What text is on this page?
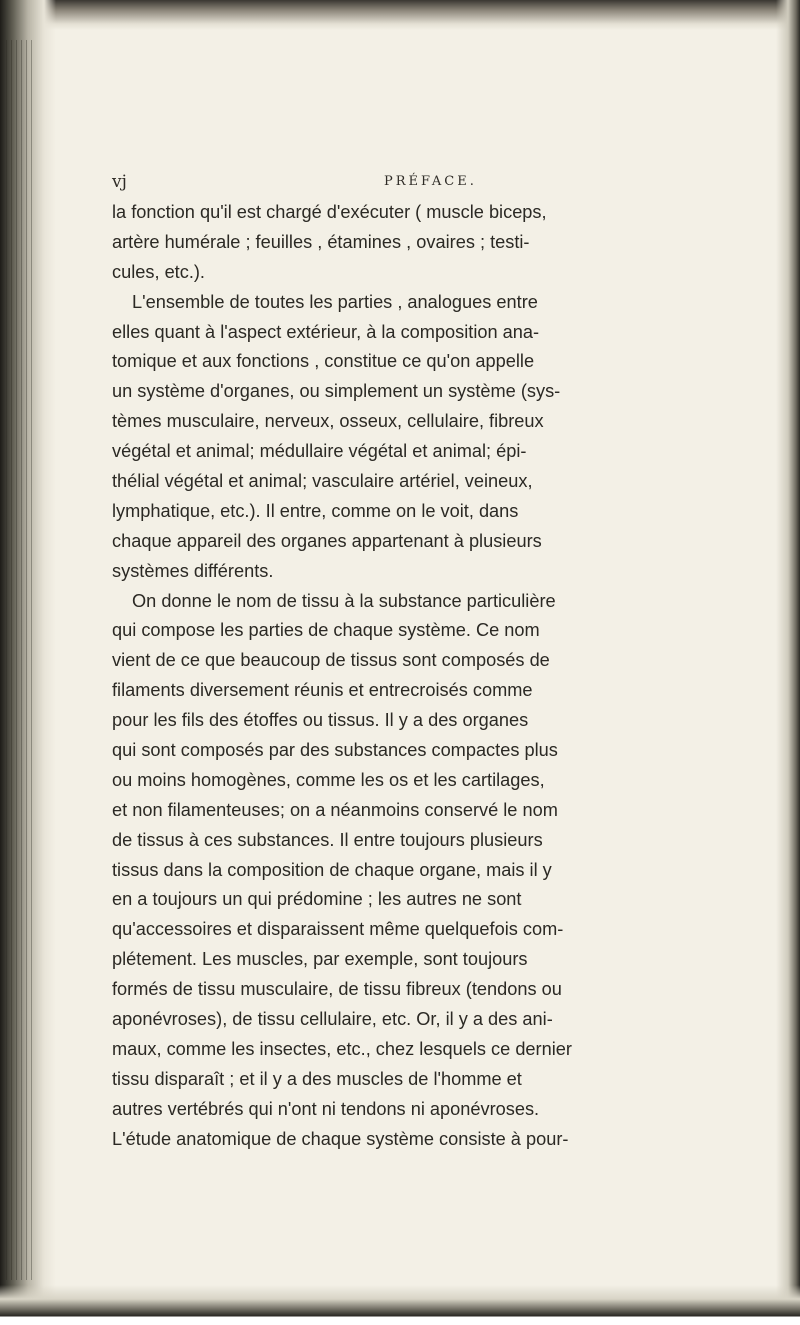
vj	PRÉFACE.
la fonction qu'il est chargé d'exécuter ( muscle biceps,
artère humérale ; feuilles , étamines , ovaires ; testi-
cules, etc.).
L'ensemble de toutes les parties , analogues entre
elles quant à l'aspect extérieur, à la composition ana-
tomique et aux fonctions , constitue ce qu'on appelle
un système d'organes, ou simplement un système (sys-
tèmes musculaire, nerveux, osseux, cellulaire, fibreux
végétal et animal; médullaire végétal et animal; épi-
thélial végétal et animal; vasculaire artériel, veineux,
lymphatique, etc.). Il entre, comme on le voit, dans
chaque appareil des organes appartenant à plusieurs
systèmes différents.
On donne le nom de tissu à la substance particulière
qui compose les parties de chaque système. Ce nom
vient de ce que beaucoup de tissus sont composés de
filaments diversement réunis et entrecroisés comme
pour les fils des étoffes ou tissus. Il y a des organes
qui sont composés par des substances compactes plus
ou moins homogènes, comme les os et les cartilages,
et non filamenteuses; on a néanmoins conservé le nom
de tissus à ces substances. Il entre toujours plusieurs
tissus dans la composition de chaque organe, mais il y
en a toujours un qui prédomine ; les autres ne sont
qu'accessoires et disparaissent même quelquefois com-
plétement. Les muscles, par exemple, sont toujours
formés de tissu musculaire, de tissu fibreux (tendons ou
aponévroses), de tissu cellulaire, etc. Or, il y a des ani-
maux, comme les insectes, etc., chez lesquels ce dernier
tissu disparaît ; et il y a des muscles de l'homme et
autres vertébrés qui n'ont ni tendons ni aponévroses.
L'étude anatomique de chaque système consiste à pour-
